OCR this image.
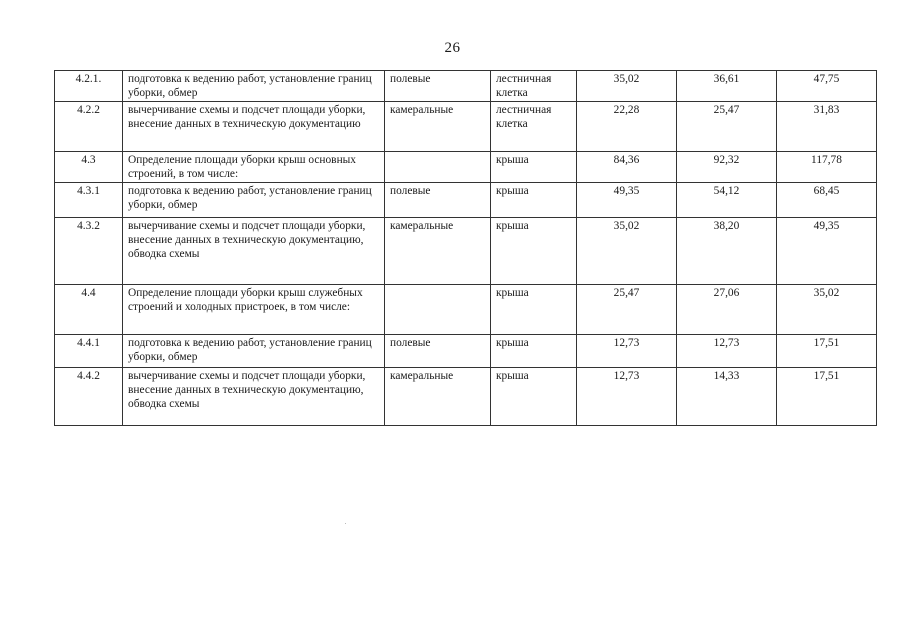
26
4.2.1.	подготовка к ведению работ, установление границ уборки, обмер	полевые	лестничная клетка	35,02	36,61	47,75
4.2.2	вычерчивание схемы и подсчет площади уборки, внесение данных в техническую документацию	камеральные	лестничная клетка	22,28	25,47	31,83
4.3	Определение площади уборки крыш основных строений, в том числе:		крыша	84,36	92,32	117,78
4.3.1	подготовка к ведению работ, установление границ уборки, обмер	полевые	крыша	49,35	54,12	68,45
4.3.2	вычерчивание схемы и подсчет площади уборки, внесение данных в техническую документацию, обводка схемы	камеральные	крыша	35,02	38,20	49,35
4.4	Определение площади уборки крыш служебных строений и холодных пристроек, в том числе:		крыша	25,47	27,06	35,02
4.4.1	подготовка к ведению работ, установление границ уборки, обмер	полевые	крыша	12,73	12,73	17,51
4.4.2	вычерчивание схемы и подсчет площади уборки, внесение данных в техническую документацию, обводка схемы	камеральные	крыша	12,73	14,33	17,51
